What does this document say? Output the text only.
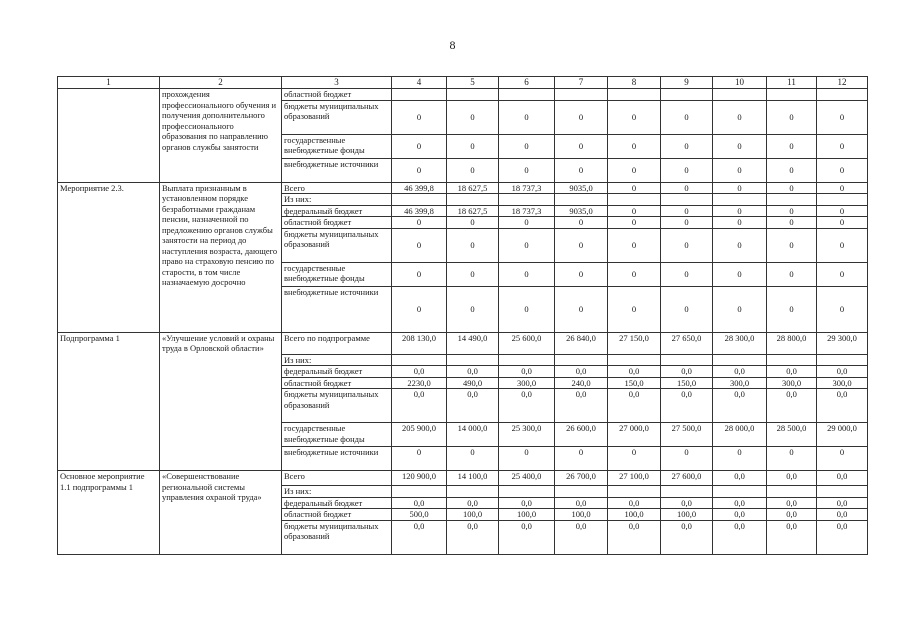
8
1	2	3	4	5	6	7	8	9	10	11	12
	прохождения профессионального обучения и получения дополнительного профессионального образования по направлению органов службы занятости	областной бюджет									
		бюджеты муниципальных образований	0	0	0	0	0	0	0	0	0
		государственные внебюджетные фонды	0	0	0	0	0	0	0	0	0
		внебюджетные источники	0	0	0	0	0	0	0	0	0
Мероприятие 2.3.	Выплата признанным в установленном порядке безработными гражданам пенсии, назначенной по предложению органов службы занятости на период до наступления возраста, дающего право на страховую пенсию по старости, в том числе назначаемую досрочно	Всего	46 399,8	18 627,5	18 737,3	9035,0	0	0	0	0	0
		Из них:									
		федеральный бюджет	46 399,8	18 627,5	18 737,3	9035,0	0	0	0	0	0
		областной бюджет	0	0	0	0	0	0	0	0	0
		бюджеты муниципальных образований	0	0	0	0	0	0	0	0	0
		государственные внебюджетные фонды	0	0	0	0	0	0	0	0	0
		внебюджетные источники	0	0	0	0	0	0	0	0	0
Подпрограмма 1	«Улучшение условий и охраны труда в Орловской области»	Всего по подпрограмме	208 130,0	14 490,0	25 600,0	26 840,0	27 150,0	27 650,0	28 300,0	28 800,0	29 300,0
		Из них:									
		федеральный бюджет	0,0	0,0	0,0	0,0	0,0	0,0	0,0	0,0	0,0
		областной бюджет	2230,0	490,0	300,0	240,0	150,0	150,0	300,0	300,0	300,0
		бюджеты муниципальных образований	0,0	0,0	0,0	0,0	0,0	0,0	0,0	0,0	0,0
		государственные внебюджетные фонды	205 900,0	14 000,0	25 300,0	26 600,0	27 000,0	27 500,0	28 000,0	28 500,0	29 000,0
		внебюджетные источники	0	0	0	0	0	0	0	0	0
Основное мероприятие 1.1 подпрограммы 1	«Совершенствование региональной системы управления охраной труда»	Всего	120 900,0	14 100,0	25 400,0	26 700,0	27 100,0	27 600,0	0,0	0,0	0,0
		Из них:									
		федеральный бюджет	0,0	0,0	0,0	0,0	0,0	0,0	0,0	0,0	0,0
		областной бюджет	500,0	100,0	100,0	100,0	100,0	100,0	0,0	0,0	0,0
		бюджеты муниципальных образований	0,0	0,0	0,0	0,0	0,0	0,0	0,0	0,0	0,0
